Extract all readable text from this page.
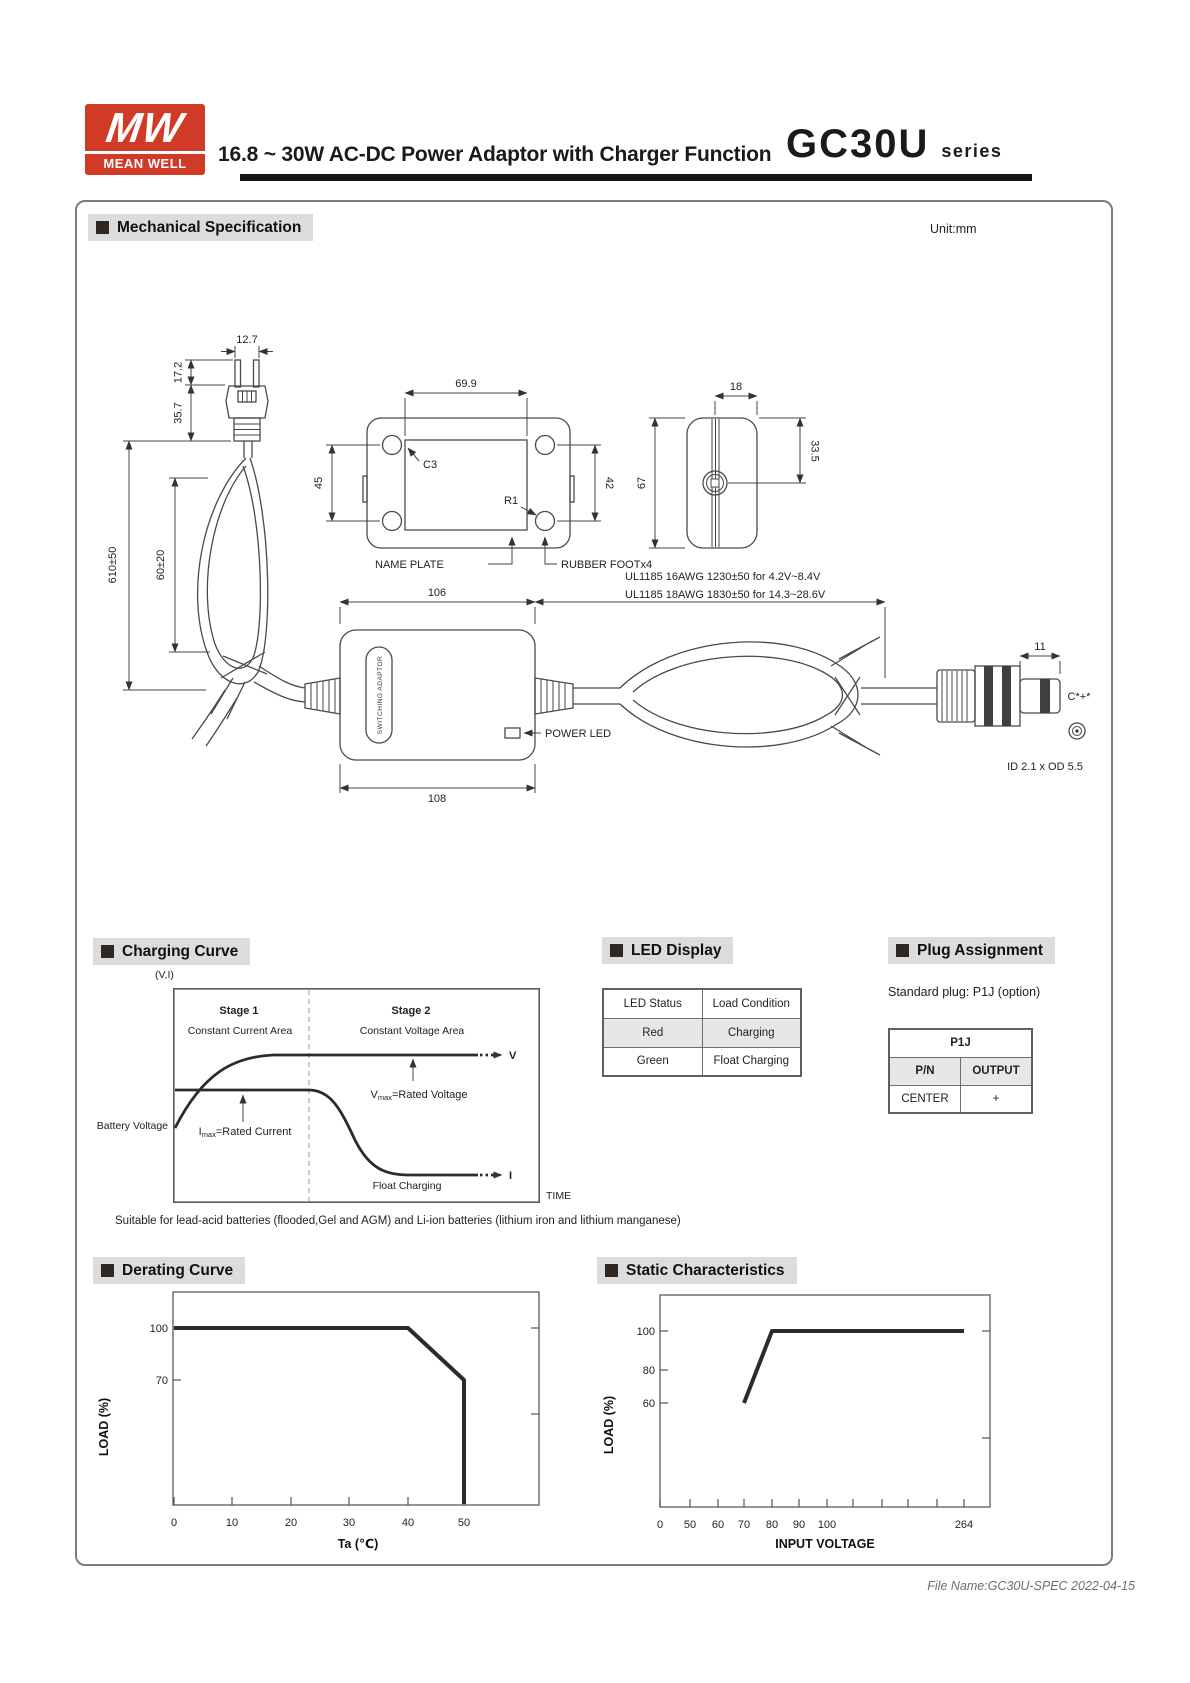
MW
MEAN WELL	16.8 ~ 30W AC-DC Power Adaptor with Charger Function GC30U series
Mechanical Specification	Unit:mm
12.7
17.2
35.7
610±50	60±20
C3
R1
NAME PLATE	RUBBER FOOTx4
69.9
45	42
18
67
33.5
SWITCHING ADAPTOR	POWER LED
11
C*+*
ID 2.1 x OD 5.5
106
108
UL1185 16AWG 1230±50 for 4.2V~8.4V
UL1185 18AWG 1830±50 for 14.3~28.6V
Charging Curve	LED Display	Plug Assignment
(V,I)
Stage 1	Stage 2
Constant Current Area	Constant Voltage Area
V
I
Vmax=Rated Voltage
Imax=Rated Current
Float Charging
Battery Voltage
TIME
Suitable for lead-acid batteries (flooded,Gel and AGM) and Li-ion batteries (lithium iron and lithium manganese)
LED Status	Load Condition
Red	Charging
Green	Float Charging
Standard plug: P1J (option)
P1J	
P/N	OUTPUT
CENTER	+
Derating Curve	Static Characteristics
100
70
0	10	20	30	40	50
LOAD (%)
Ta (℃)
100
80
60
0 50 60 70 80 90 100	264
LOAD (%)
INPUT VOLTAGE
File Name:GC30U-SPEC 2022-04-15
